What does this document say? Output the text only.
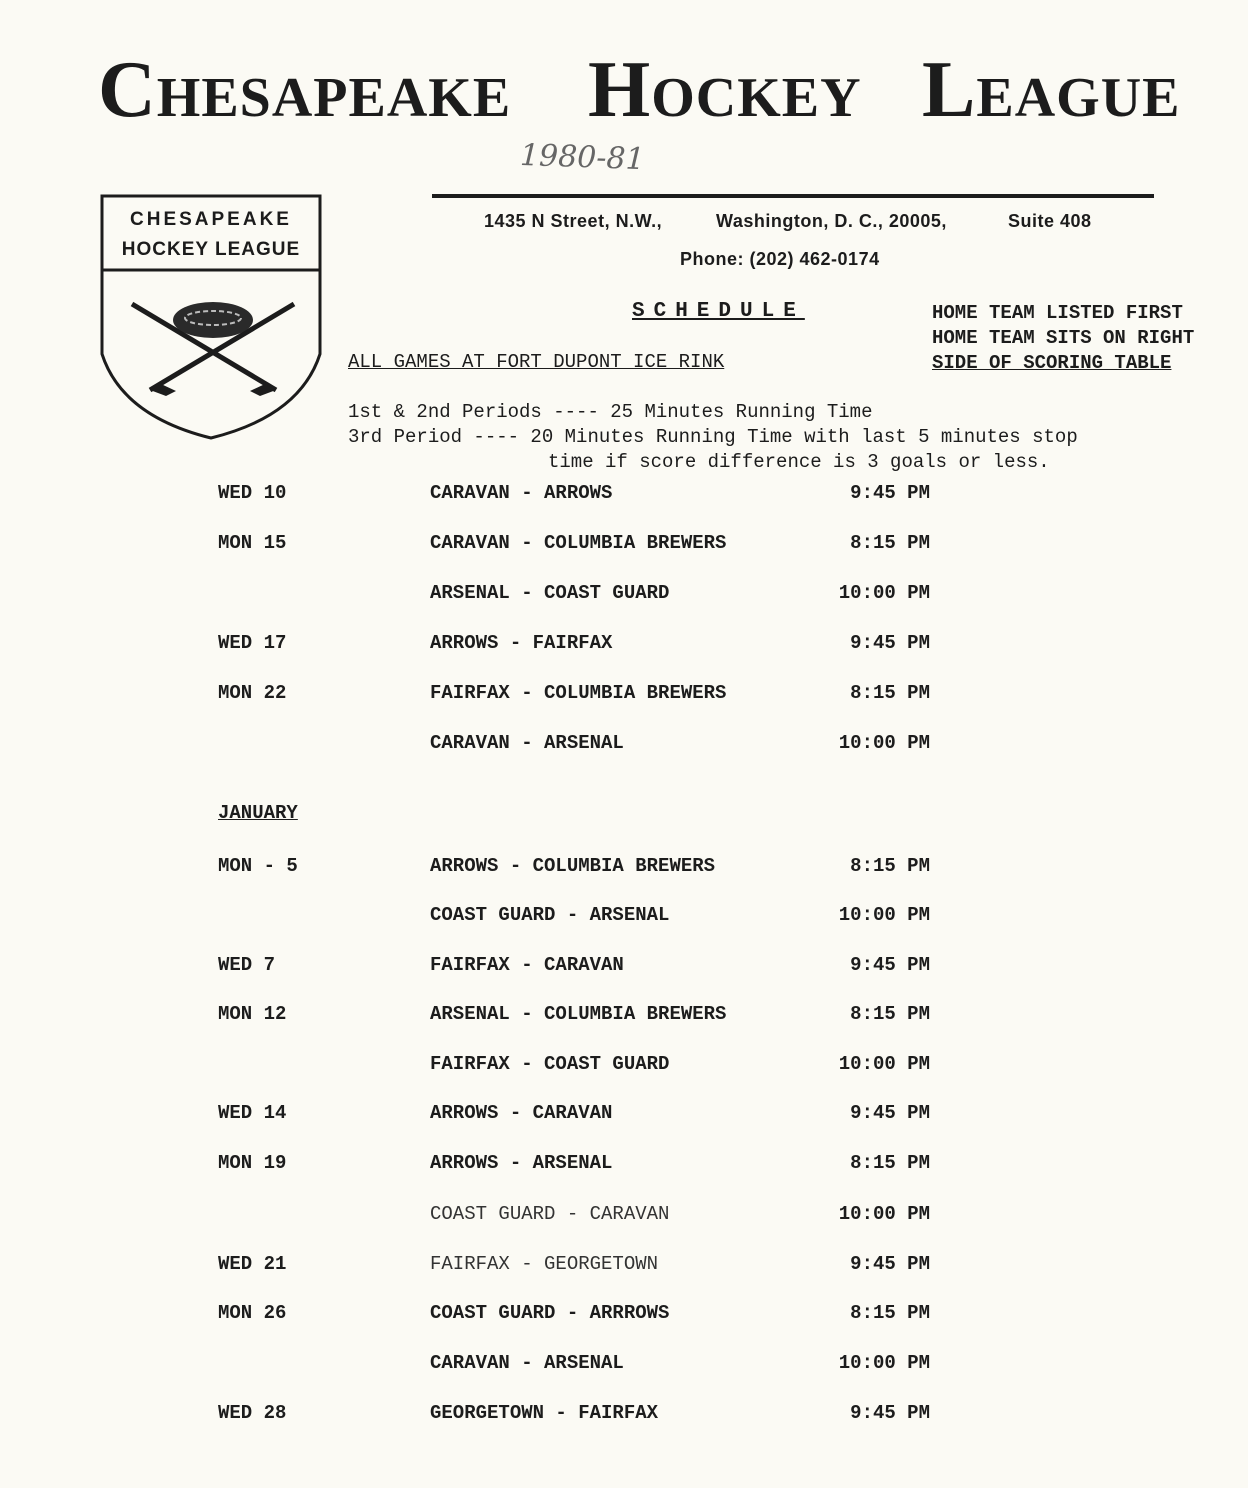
Chesapeake Hockey League
1980-81
CHESAPEAKE
HOCKEY LEAGUE
1435 N Street, N.W.,	Washington, D. C., 20005,	Suite 408
Phone: (202) 462-0174
SCHEDULE
ALL GAMES AT FORT DUPONT ICE RINK
HOME TEAM LISTED FIRST
HOME TEAM SITS ON RIGHT
SIDE OF SCORING TABLE
1st & 2nd Periods ---- 25 Minutes Running Time
3rd Period ---- 20 Minutes Running Time with last 5 minutes stop
time if score difference is 3 goals or less.
WED 10	CARAVAN - ARROWS	9:45 PM
MON 15	CARAVAN - COLUMBIA BREWERS	8:15 PM
ARSENAL - COAST GUARD	10:00 PM
WED 17	ARROWS - FAIRFAX	9:45 PM
MON 22	FAIRFAX - COLUMBIA BREWERS	8:15 PM
CARAVAN - ARSENAL	10:00 PM
JANUARY
MON - 5	ARROWS - COLUMBIA BREWERS	8:15 PM
COAST GUARD - ARSENAL	10:00 PM
WED 7	FAIRFAX - CARAVAN	9:45 PM
MON 12	ARSENAL - COLUMBIA BREWERS	8:15 PM
FAIRFAX - COAST GUARD	10:00 PM
WED 14	ARROWS - CARAVAN	9:45 PM
MON 19	ARROWS - ARSENAL	8:15 PM
COAST GUARD - CARAVAN	10:00 PM
WED 21	FAIRFAX - GEORGETOWN	9:45 PM
MON 26	COAST GUARD - ARRROWS	8:15 PM
CARAVAN - ARSENAL	10:00 PM
WED 28	GEORGETOWN - FAIRFAX	9:45 PM
